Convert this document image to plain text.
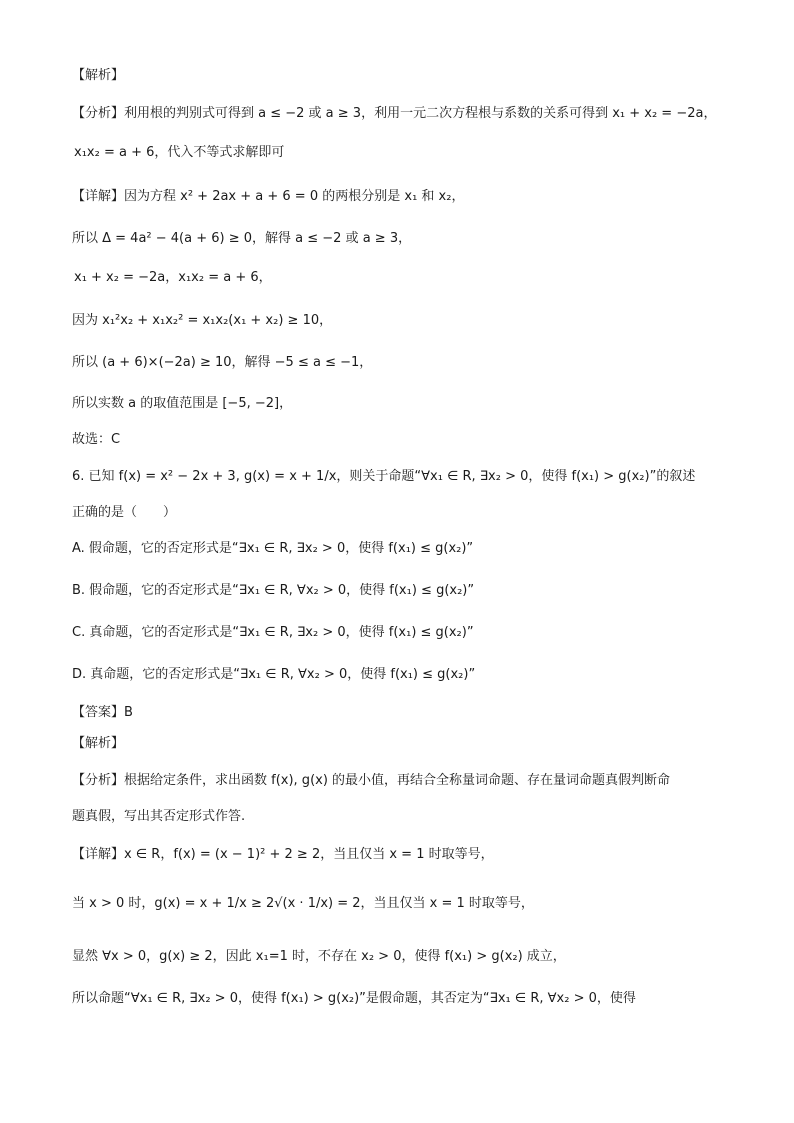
【解析】
【分析】利用根的判别式可得到 a ≤ −2 或 a ≥ 3，利用一元二次方程根与系数的关系可得到 x₁ + x₂ = −2a，
x₁x₂ = a + 6，代入不等式求解即可
【详解】因为方程 x² + 2ax + a + 6 = 0 的两根分别是 x₁ 和 x₂，
所以 Δ = 4a² − 4(a + 6) ≥ 0，解得 a ≤ −2 或 a ≥ 3，
x₁ + x₂ = −2a，x₁x₂ = a + 6，
因为 x₁²x₂ + x₁x₂² = x₁x₂(x₁ + x₂) ≥ 10，
所以 (a + 6)×(−2a) ≥ 10，解得 −5 ≤ a ≤ −1，
所以实数 a 的取值范围是 [−5, −2]，
故选：C
6. 已知 f(x) = x² − 2x + 3, g(x) = x + 1/x，则关于命题“∀x₁ ∈ R, ∃x₂ > 0，使得 f(x₁) > g(x₂)”的叙述
正确的是（　　）
A. 假命题，它的否定形式是“∃x₁ ∈ R, ∃x₂ > 0，使得 f(x₁) ≤ g(x₂)”
B. 假命题，它的否定形式是“∃x₁ ∈ R, ∀x₂ > 0，使得 f(x₁) ≤ g(x₂)”
C. 真命题，它的否定形式是“∃x₁ ∈ R, ∃x₂ > 0，使得 f(x₁) ≤ g(x₂)”
D. 真命题，它的否定形式是“∃x₁ ∈ R, ∀x₂ > 0，使得 f(x₁) ≤ g(x₂)”
【答案】B
【解析】
【分析】根据给定条件，求出函数 f(x), g(x) 的最小值，再结合全称量词命题、存在量词命题真假判断命
题真假，写出其否定形式作答.
【详解】x ∈ R，f(x) = (x − 1)² + 2 ≥ 2，当且仅当 x = 1 时取等号，
当 x > 0 时，g(x) = x + 1/x ≥ 2√(x · 1/x) = 2，当且仅当 x = 1 时取等号，
显然 ∀x > 0，g(x) ≥ 2，因此 x₁=1 时，不存在 x₂ > 0，使得 f(x₁) > g(x₂) 成立，
所以命题“∀x₁ ∈ R, ∃x₂ > 0，使得 f(x₁) > g(x₂)”是假命题，其否定为“∃x₁ ∈ R, ∀x₂ > 0，使得
